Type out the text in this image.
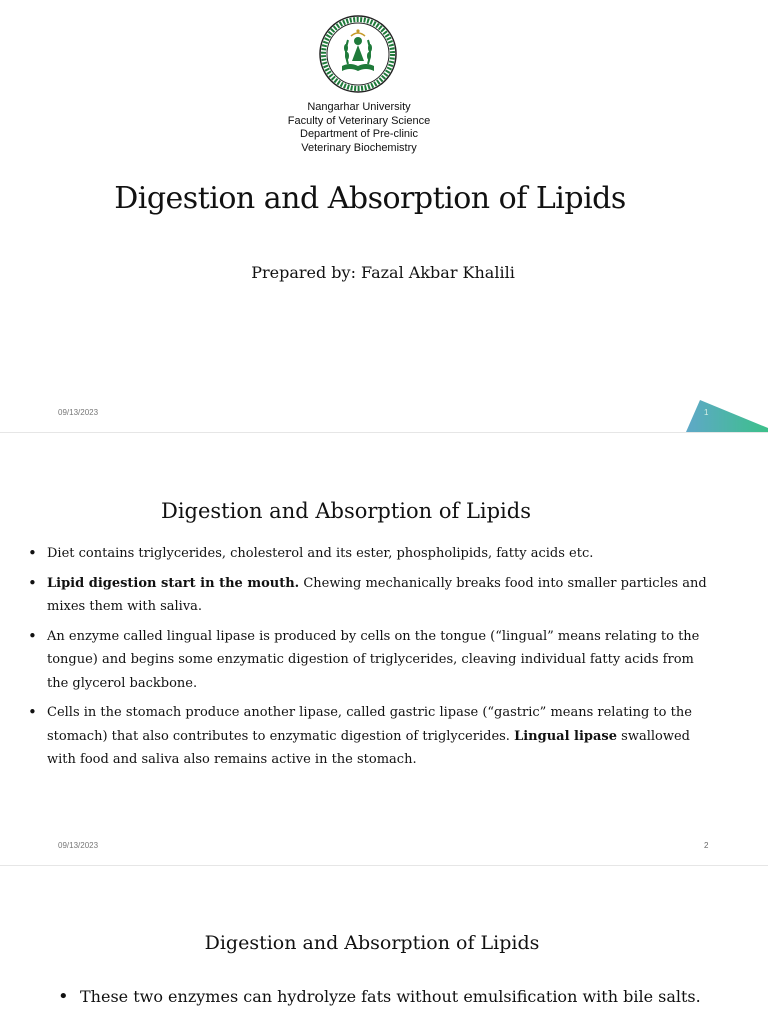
Nangarhar University
Faculty of Veterinary Science
Department of Pre-clinic
Veterinary Biochemistry
Digestion and Absorption of Lipids
Prepared by: Fazal Akbar Khalili
09/13/2023	1
Digestion and Absorption of Lipids
• Diet contains triglycerides, cholesterol and its ester, phospholipids, fatty acids etc.
• Lipid digestion start in the mouth. Chewing mechanically breaks food into smaller particles and mixes them with saliva.
• An enzyme called lingual lipase is produced by cells on the tongue (“lingual” means relating to the tongue) and begins some enzymatic digestion of triglycerides, cleaving individual fatty acids from the glycerol backbone.
• Cells in the stomach produce another lipase, called gastric lipase (“gastric” means relating to the stomach) that also contributes to enzymatic digestion of triglycerides. Lingual lipase swallowed with food and saliva also remains active in the stomach.
09/13/2023	2
Digestion and Absorption of Lipids
• These two enzymes can hydrolyze fats without emulsification with bile salts.
